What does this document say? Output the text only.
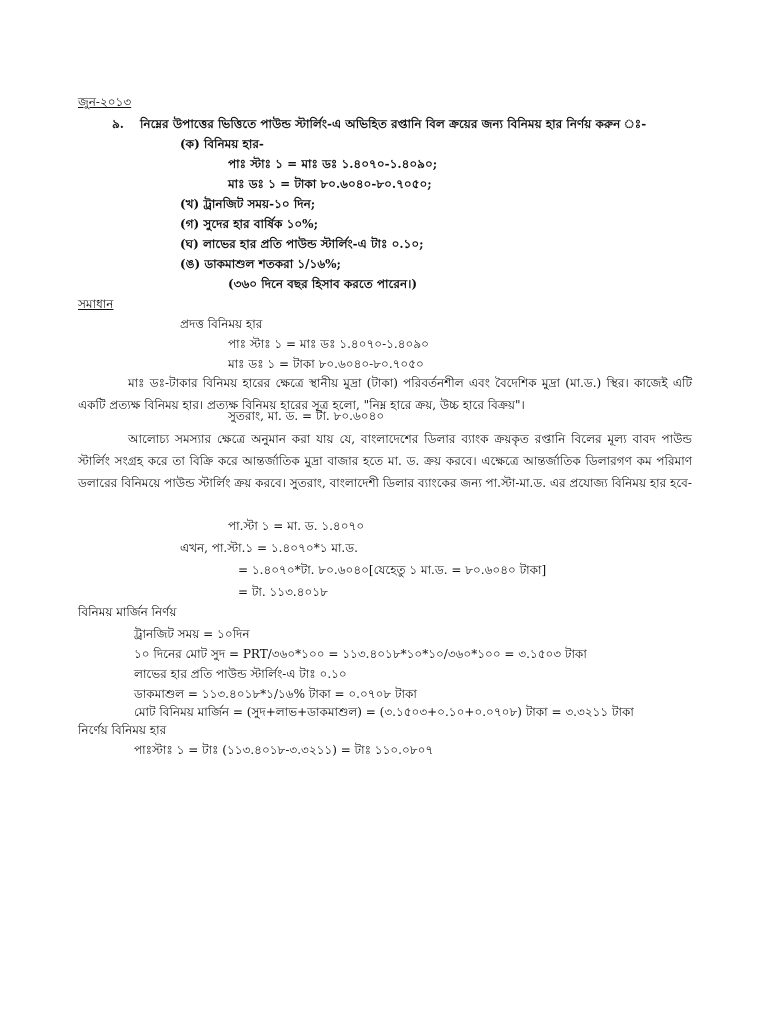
জুন-২০১৩
৯. নিম্নের উপাত্তের ভিত্তিতে পাউন্ড স্টার্লিং-এ অভিহিত রপ্তানি বিল ক্রয়ের জন্য বিনিময় হার নির্ণয় করুন ঃ-
(ক) বিনিময় হার-
পাঃ স্টাঃ ১ = মাঃ ডঃ ১.৪০৭০-১.৪০৯০;
মাঃ ডঃ ১ = টাকা ৮০.৬০৪০-৮০.৭০৫০;
(খ) ট্রানজিট সময়-১০ দিন;
(গ) সুদের হার বার্ষিক ১০%;
(ঘ) লাভের হার প্রতি পাউন্ড স্টার্লিং-এ টাঃ ০.১০;
(ঙ) ডাকমাশুল শতকরা ১/১৬%;
(৩৬০ দিনে বছর হিসাব করতে পারেন।)
সমাধান
প্রদত্ত বিনিময় হার
পাঃ স্টাঃ ১ = মাঃ ডঃ ১.৪০৭০-১.৪০৯০
মাঃ ডঃ ১ = টাকা ৮০.৬০৪০-৮০.৭০৫০
মাঃ ডঃ-টাকার বিনিময় হারের ক্ষেত্রে স্থানীয় মুদ্রা (টাকা) পরিবর্তনশীল এবং বৈদেশিক মুদ্রা (মা.ড.) স্থির। কাজেই এটি একটি প্রত্যক্ষ বিনিময় হার। প্রত্যক্ষ বিনিময় হারের সূত্র হলো, "নিম্ন হারে ক্রয়, উচ্চ হারে বিক্রয়"।
সুতরাং, মা. ড. = টা. ৮০.৬০৪০
আলোচ্য সমস্যার ক্ষেত্রে অনুমান করা যায় যে, বাংলাদেশের ডিলার ব্যাংক ক্রয়কৃত রপ্তানি বিলের মূল্য বাবদ পাউন্ড স্টার্লিং সংগ্রহ করে তা বিক্রি করে আন্তর্জাতিক মুদ্রা বাজার হতে মা. ড. ক্রয় করবে। এক্ষেত্রে আন্তর্জাতিক ডিলারগণ কম পরিমাণ ডলারের বিনিময়ে পাউন্ড স্টার্লিং ক্রয় করবে। সুতরাং, বাংলাদেশী ডিলার ব্যাংকের জন্য পা.স্টা-মা.ড. এর প্রযোজ্য বিনিময় হার হবে-
পা.স্টা ১ = মা. ড. ১.৪০৭০
এখন, পা.স্টা.১ = ১.৪০৭০*১ মা.ড.
= ১.৪০৭০*টা. ৮০.৬০৪০[যেহেতু ১ মা.ড. = ৮০.৬০৪০ টাকা]
= টা. ১১৩.৪০১৮
বিনিময় মার্জিন নির্ণয়
ট্রানজিট সময় = ১০দিন
১০ দিনের মোট সুদ = PRT/৩৬০*১০০ = ১১৩.৪০১৮*১০*১০/৩৬০*১০০ = ৩.১৫০৩ টাকা
লাভের হার প্রতি পাউন্ড স্টার্লিং-এ টাঃ ০.১০
ডাকমাশুল = ১১৩.৪০১৮*১/১৬% টাকা = ০.০৭০৮ টাকা
মোট বিনিময় মার্জিন = (সুদ+লাভ+ডাকমাশুল) = (৩.১৫০৩+০.১০+০.০৭০৮) টাকা = ৩.৩২১১ টাকা
নির্ণেয় বিনিময় হার
পাঃস্টাঃ ১ = টাঃ (১১৩.৪০১৮-৩.৩২১১) = টাঃ ১১০.০৮০৭
